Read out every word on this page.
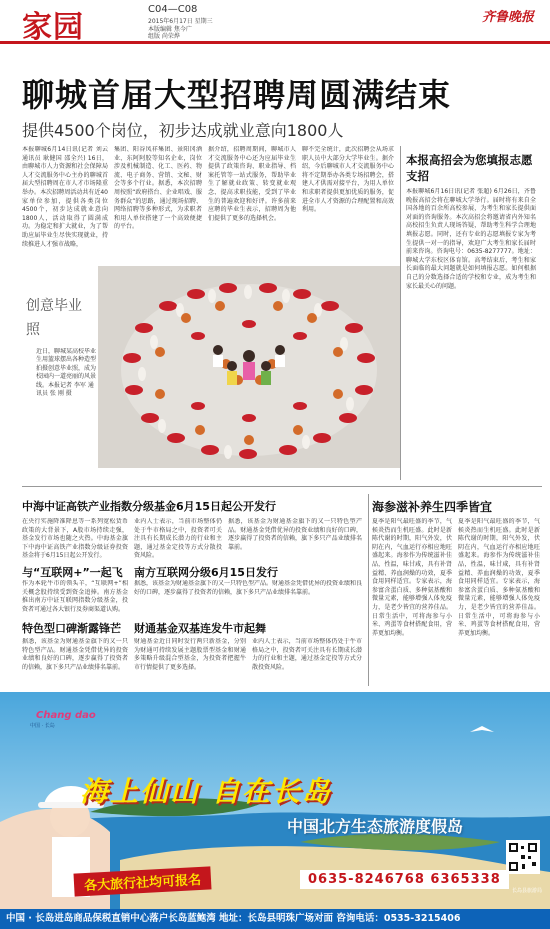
家园
C04—C08
2015年6月17日 星期三
本版编辑 焦今广
组版 尚荣烨
齐鲁晚报
聊城首届大型招聘周圆满结束
提供4500个岗位，初步达成就业意向1800人
本报聊城6月14日讯(记者 刘云 通讯员 耿健国 邵全兴) 16日，由聊城市人力资源和社会保障局人才交流服务中心主办的聊城首届大型招聘周在市人才市场隆重举办。本次招聘周活动共有近40家单位参加，提供各类岗位4500个，初步达成就业意向1800人，活动取得了圆满成功。为稳定和扩大就业，为了帮助应届毕业生尽快实现就业，持续推进人才强市战略，
集团、阳谷凤祥集团、景阳冈酒业、东阿阿胶等知名企业，岗位涉及机械制造、化工、医药、物流、电子商务、营销、文秘、财会等多个行业。据悉，本次招聘周按照“政府搭台、企业唱戏、服务群众”的思路，通过现场招聘、网络招聘等多种形式，为求职者和用人单位搭建了一个高效便捷的平台。
据介绍，招聘周期间，聊城市人才交流服务中心还为应届毕业生提供了政策咨询、职业指导、档案托管等一站式服务，帮助毕业生了解就业政策、转变就业观念、提高求职技能，受到了毕业生的普遍欢迎和好评。许多前来应聘的毕业生表示，招聘周为他们提供了更多的选择机会。
聊不完全统计，此次招聘会从场求职人员中大部分大学毕业生。据介绍，今后聊城市人才交流服务中心将不定期举办各类专场招聘会，搭建人才供需对接平台，为用人单位和求职者提供更加优质的服务，促进全市人才资源的合理配置和高效利用。
本报高招会为您填报志愿支招
本报聊城6月16日讯(记者 张超) 6月26日，齐鲁晚报高招会将在聊城大学举行。届时将有来自全国各地的百余所高校参展，为考生和家长提供面对面的咨询服务。本次高招会将邀请省内外知名高校招生负责人现场答疑，帮助考生科学合理地填报志愿。同时，还有专业的志愿填报专家为考生提供一对一的指导，欢迎广大考生和家长届时前来咨询。咨询电号：0635-8277777。地址：聊城大学东校区体育馆。高考结束后，考生和家长面临的最大问题就是如何填报志愿。如何根据自己的分数选择合适的学校和专业，成为考生和家长最关心的问题。
创意毕业照
近日，聊城某高校毕业生用篮球摆出各种造型拍摄创意毕业照，成为校园内一道亮丽的风景线。本报记者 李军 通讯员 张 刚 摄
中海中证高铁产业指数分级基金6月15日起公开发行
在央行实施降准降息等一系列宽松货币政策的大背景下，A股市场持续走强，基金发行市场也随之火热。中海基金旗下中海中证高铁产业指数分级证券投资基金将于6月15日起公开发行。
业内人士表示，当前市场整体仍处于牛市格局之中，投资者可关注具有长期成长潜力的行业和主题，通过基金定投等方式分散投资风险。
据悉，该基金为财通基金旗下的又一只特色型产品。财通基金凭借优异的投资业绩和良好的口碑，逐步赢得了投资者的信赖，旗下多只产品业绩排名靠前。
与“互联网+”一起飞
作为本轮牛市的领头羊，“互联网+”相关概念股持续受到资金追捧。南方基金推出南方中证互联网指数分级基金，投资者可通过各大银行及券商渠道认购。
南方互联网分级6月15日发行
据悉，该基金为财通基金旗下的又一只特色型产品。财通基金凭借优异的投资业绩和良好的口碑，逐步赢得了投资者的信赖，旗下多只产品业绩排名靠前。
特色型口碑渐露锋芒
据悉，该基金为财通基金旗下的又一只特色型产品。财通基金凭借优异的投资业绩和良好的口碑，逐步赢得了投资者的信赖，旗下多只产品业绩排名靠前。
财通基金双基连发牛市起舞
财通基金近日同时发行两只新基金，分别为财通可持续发展主题股票型基金和财通多策略升级混合型基金，为投资者把握牛市行情提供了更多选择。
业内人士表示，当前市场整体仍处于牛市格局之中，投资者可关注具有长期成长潜力的行业和主题，通过基金定投等方式分散投资风险。
海参滋补养生四季皆宜
夏季是阳气最旺盛的季节，气候炎热而生机旺盛。此时是新陈代谢的时期，阳气外发，伏阴在内，气血运行亦相应地旺盛起来。海参作为传统滋补佳品，性温，味甘咸，具有补肾益精、养血润燥的功效，夏季食用同样适宜。专家表示，海参富含蛋白质、多种氨基酸和微量元素，能够增强人体免疫力，是老少皆宜的营养佳品。日常生活中，可将海参与小米、鸡蛋等食材搭配食用，营养更加均衡。
夏季是阳气最旺盛的季节，气候炎热而生机旺盛。此时是新陈代谢的时期，阳气外发，伏阴在内，气血运行亦相应地旺盛起来。海参作为传统滋补佳品，性温，味甘咸，具有补肾益精、养血润燥的功效，夏季食用同样适宜。专家表示，海参富含蛋白质、多种氨基酸和微量元素，能够增强人体免疫力，是老少皆宜的营养佳品。日常生活中，可将海参与小米、鸡蛋等食材搭配食用，营养更加均衡。
海上仙山 自在长岛
中国北方生态旅游度假岛
各大旅行社均可报名	0635-8246768 6365338
长岛县旅游局
Chang dao
中国 · 长岛
中国 · 长岛进岛商品保税直销中心落户长岛蓝鲍湾 地址：长岛县明珠广场对面 咨询电话：0535-3215406
